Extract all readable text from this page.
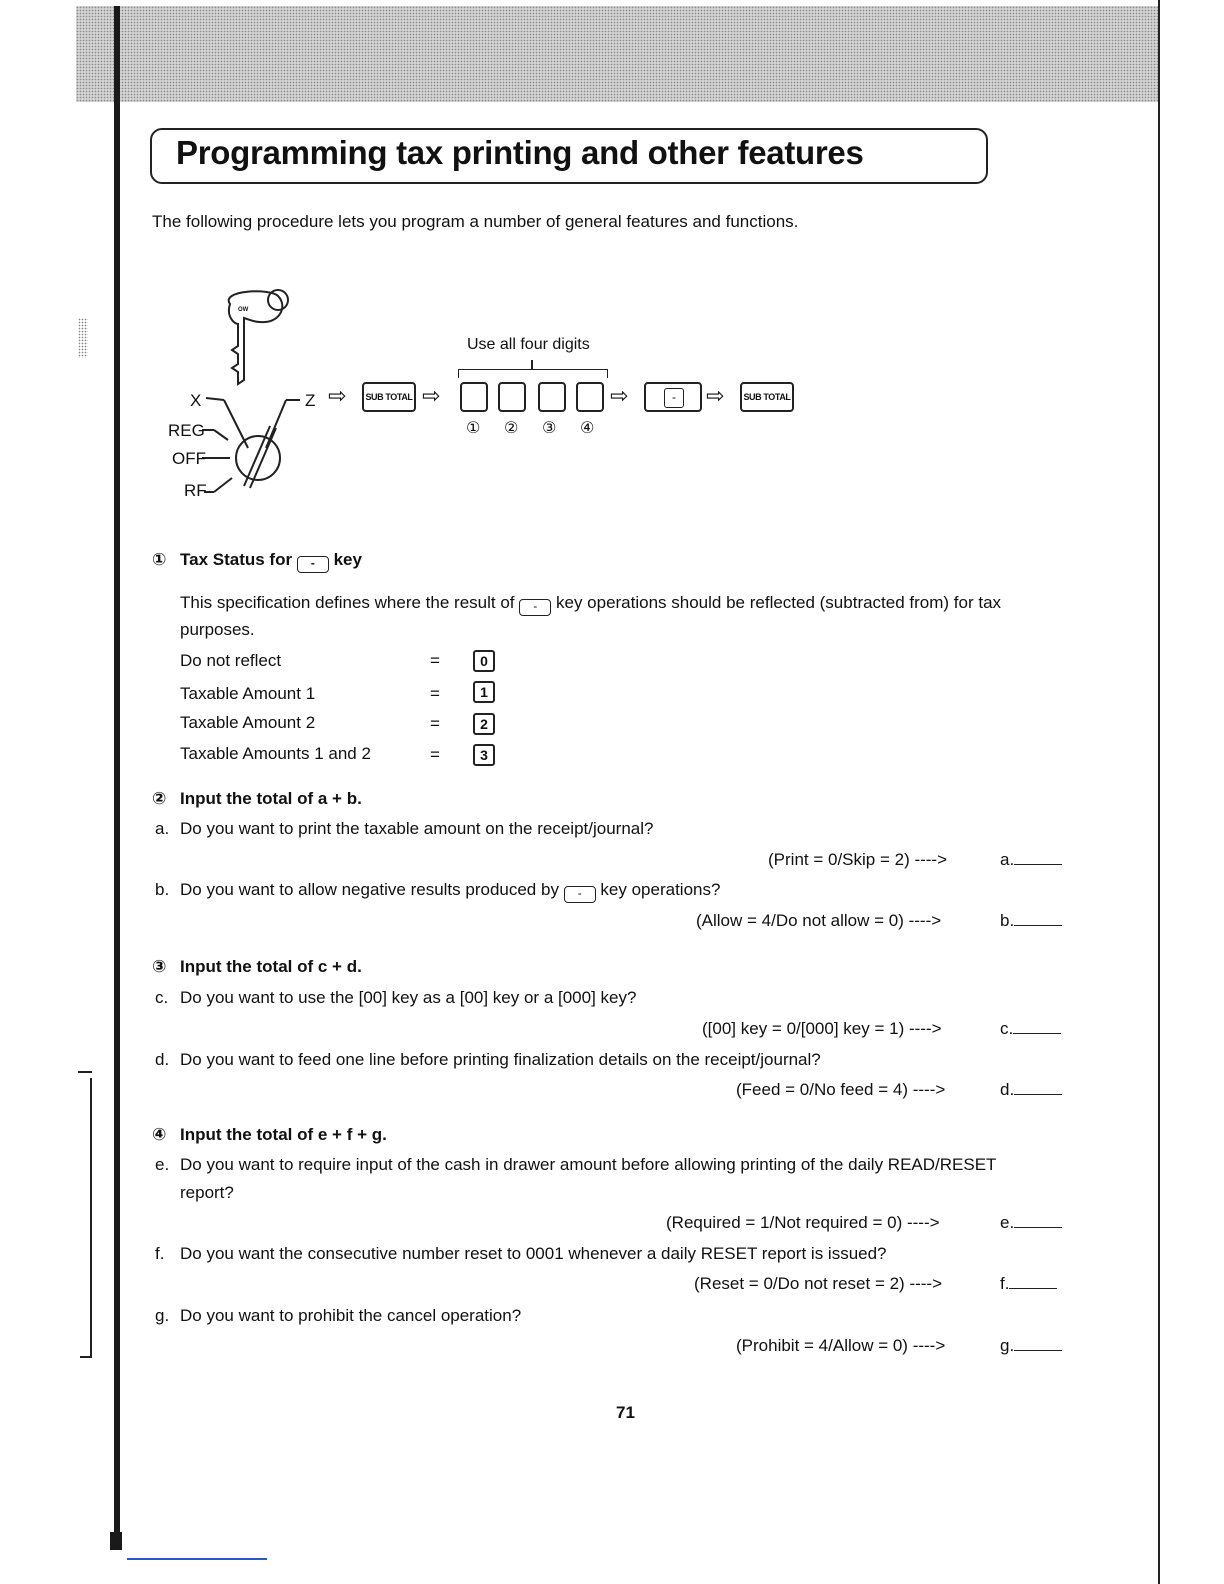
Programming tax printing and other features
The following procedure lets you program a number of general features and functions.
OW
X	Z
REG
OFF
RF
⇨	SUB TOTAL ⇨
Use all four digits
① ② ③ ④
⇨	-	⇨	SUB TOTAL
① Tax Status for - key
This specification defines where the result of - key operations should be reflected (subtracted from) for tax
purposes.
Do not reflect	=	0
Taxable Amount 1	=	1
Taxable Amount 2	=	2
Taxable Amounts 1 and 2	=	3
② Input the total of a + b.
a. Do you want to print the taxable amount on the receipt/journal?
(Print = 0/Skip = 2) ---->	a.
b. Do you want to allow negative results produced by - key operations?
(Allow = 4/Do not allow = 0) ---->	b.
③ Input the total of c + d.
c. Do you want to use the [00] key as a [00] key or a [000] key?
([00] key = 0/[000] key = 1) ---->	c.
d. Do you want to feed one line before printing finalization details on the receipt/journal?
(Feed = 0/No feed = 4) ---->	d.
④ Input the total of e + f + g.
e. Do you want to require input of the cash in drawer amount before allowing printing of the daily READ/RESET
report?
(Required = 1/Not required = 0) ---->	e.
f. Do you want the consecutive number reset to 0001 whenever a daily RESET report is issued?
(Reset = 0/Do not reset = 2) ---->	f.
g. Do you want to prohibit the cancel operation?
(Prohibit = 4/Allow = 0) ---->	g.
71
